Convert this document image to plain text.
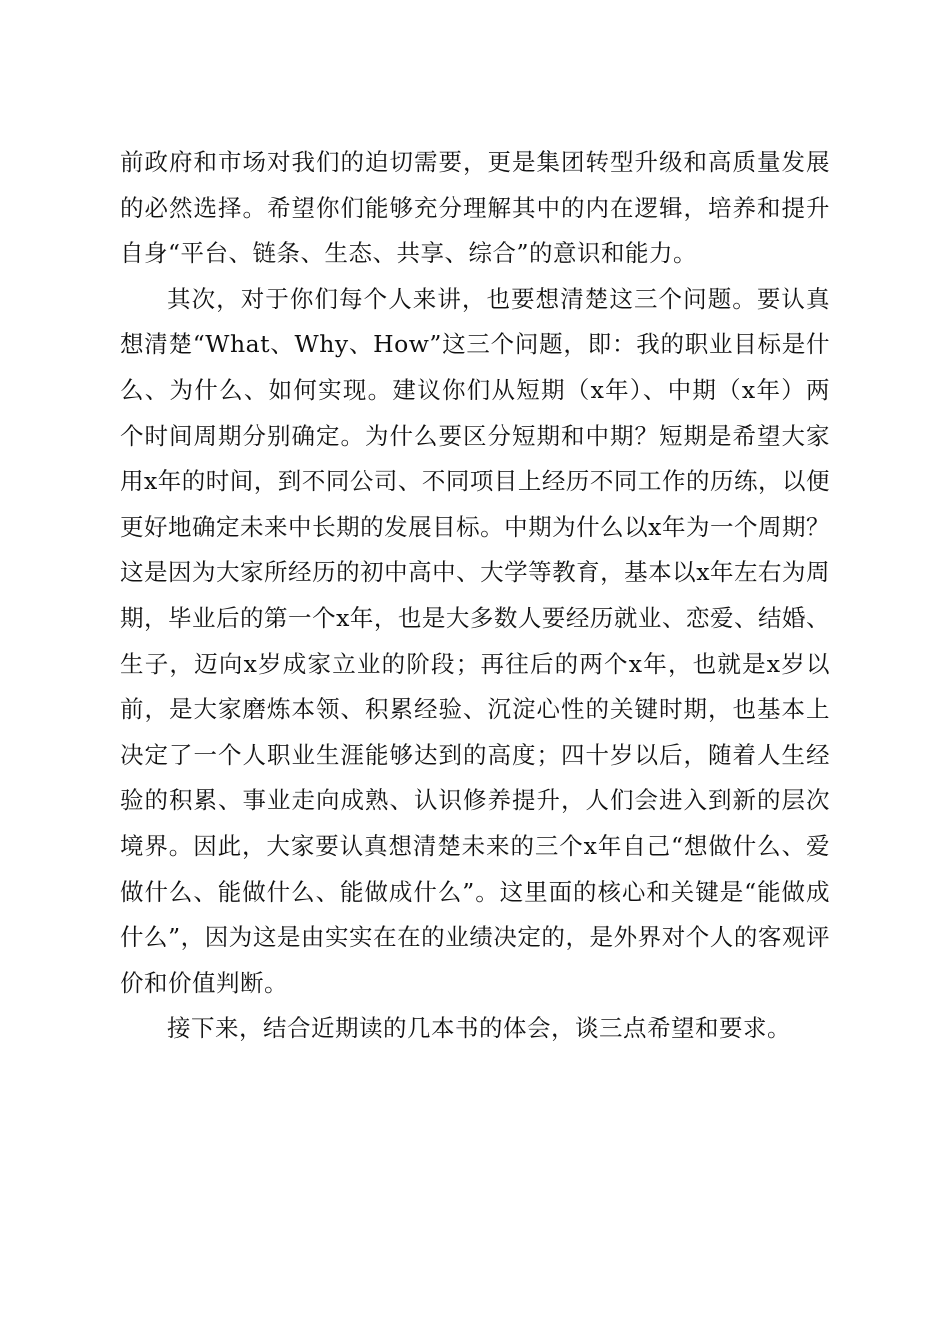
前政府和市场对我们的迫切需要，更是集团转型升级和高质量发展的必然选择。希望你们能够充分理解其中的内在逻辑，培养和提升自身“平台、链条、生态、共享、综合”的意识和能力。

其次，对于你们每个人来讲，也要想清楚这三个问题。要认真想清楚“What、Why、How”这三个问题，即：我的职业目标是什么、为什么、如何实现。建议你们从短期（x年）、中期（x年）两个时间周期分别确定。为什么要区分短期和中期？短期是希望大家用x年的时间，到不同公司、不同项目上经历不同工作的历练，以便更好地确定未来中长期的发展目标。中期为什么以x年为一个周期？这是因为大家所经历的初中高中、大学等教育，基本以x年左右为周期，毕业后的第一个x年，也是大多数人要经历就业、恋爱、结婚、生子，迈向x岁成家立业的阶段；再往后的两个x年，也就是x岁以前，是大家磨炼本领、积累经验、沉淀心性的关键时期，也基本上决定了一个人职业生涯能够达到的高度；四十岁以后，随着人生经验的积累、事业走向成熟、认识修养提升，人们会进入到新的层次境界。因此，大家要认真想清楚未来的三个x年自己“想做什么、爱做什么、能做什么、能做成什么”。这里面的核心和关键是“能做成什么”，因为这是由实实在在的业绩决定的，是外界对个人的客观评价和价值判断。

接下来，结合近期读的几本书的体会，谈三点希望和要求。
